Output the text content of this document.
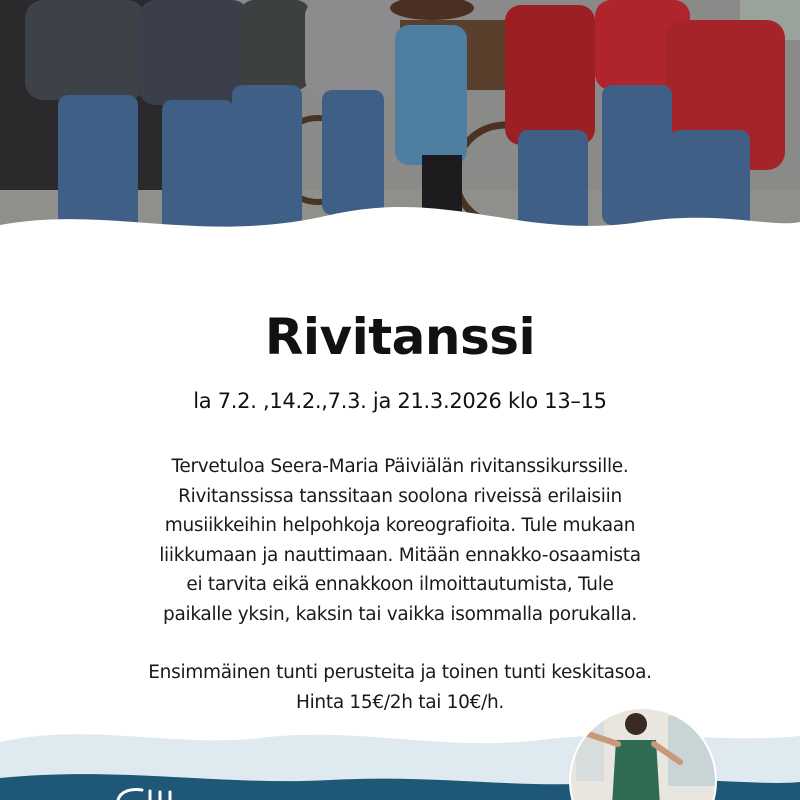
Rivitanssi
la 7.2. ,14.2.,7.3. ja 21.3.2026 klo 13–15

Tervetuloa Seera-Maria Päiviälän rivitanssikurssille.

Rivitanssissa tanssitaan soolona riveissä erilaisiin

musiikkeihin helpohkoja koreografioita. Tule mukaan

liikkumaan ja nauttimaan. Mitään ennakko-osaamista

ei tarvita eikä ennakkoon ilmoittautumista, Tule

paikalle yksin, kaksin tai vaikka isommalla porukalla.

Ensimmäinen tunti perusteita ja toinen tunti keskitasoa.

Hinta 15€/2h tai 10€/h.
